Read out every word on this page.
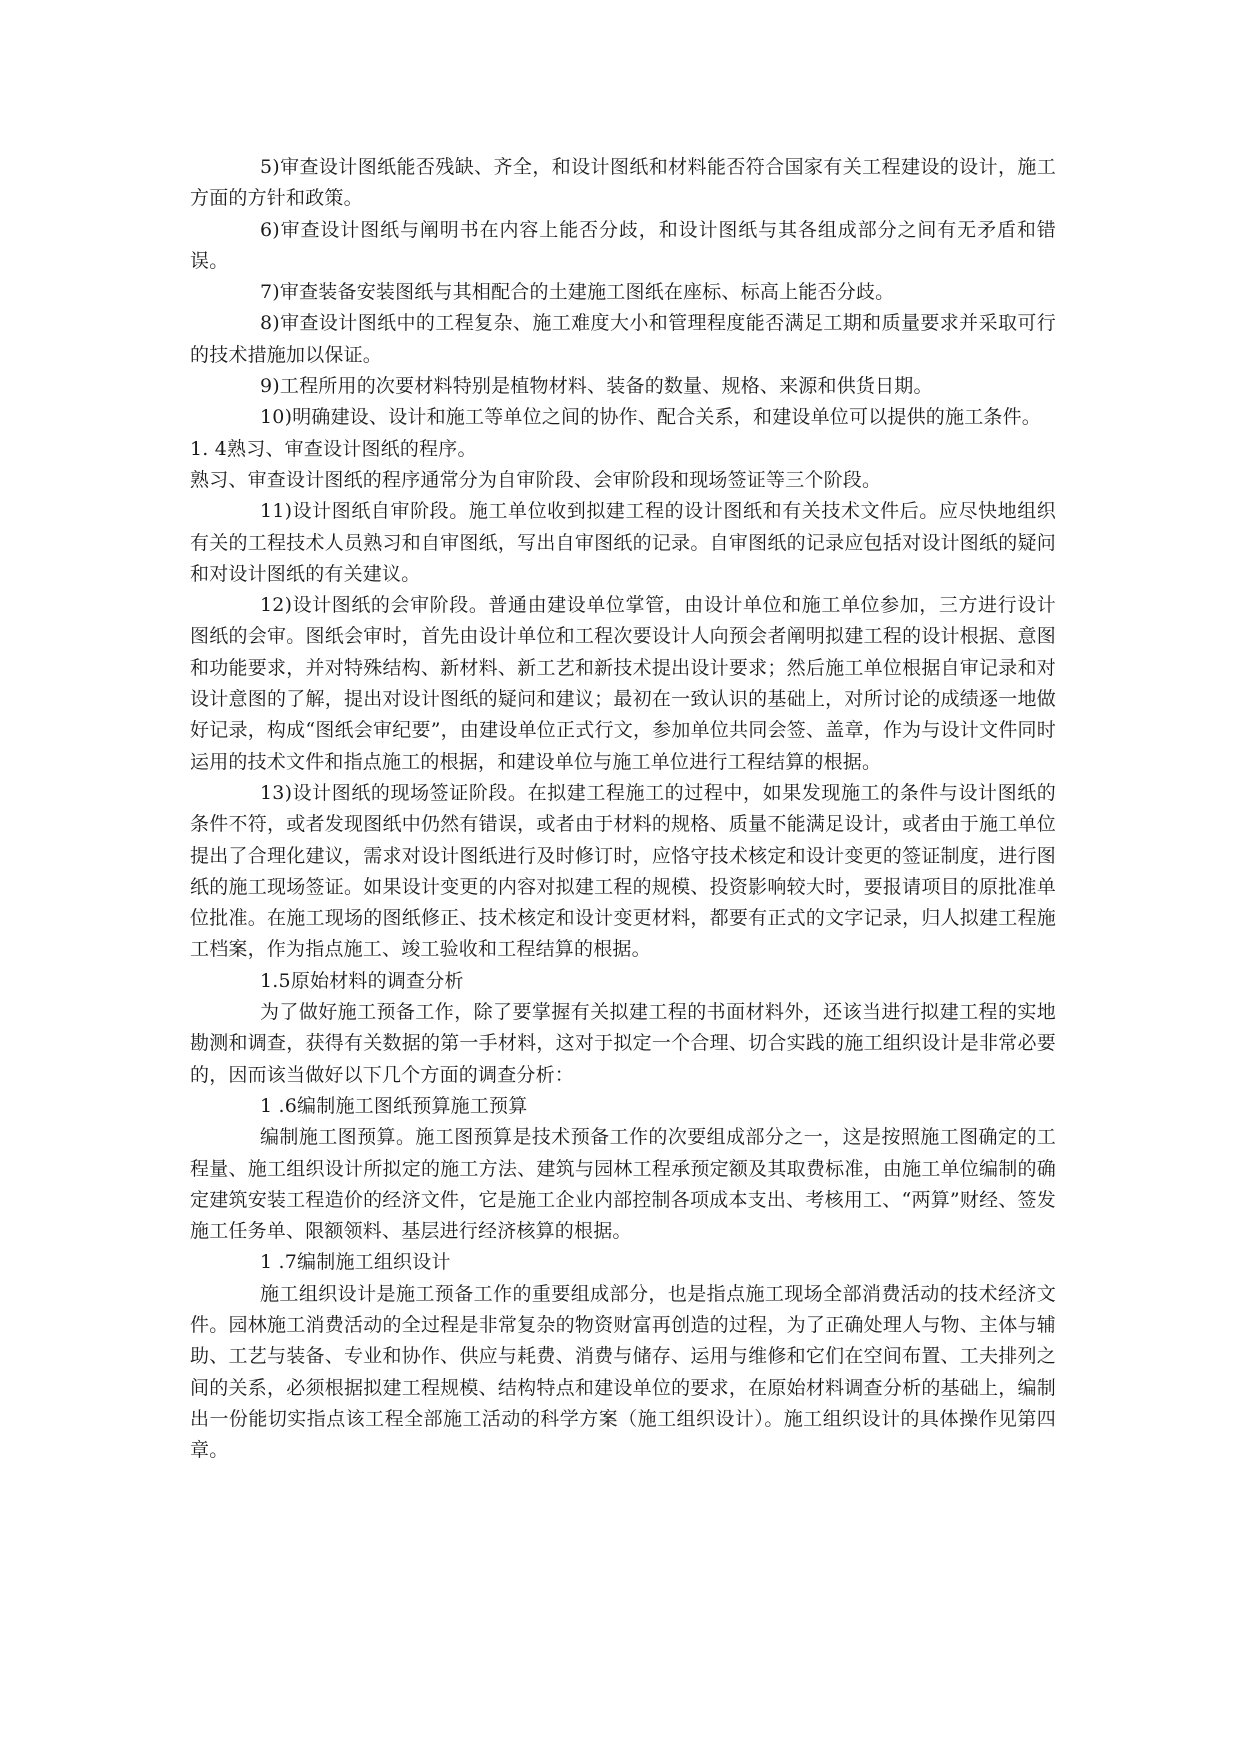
5)审查设计图纸能否残缺、齐全，和设计图纸和材料能否符合国家有关工程建设的设计，施工方面的方针和政策。

6)审查设计图纸与阐明书在内容上能否分歧，和设计图纸与其各组成部分之间有无矛盾和错误。

7)审查装备安装图纸与其相配合的土建施工图纸在座标、标高上能否分歧。

8)审查设计图纸中的工程复杂、施工难度大小和管理程度能否满足工期和质量要求并采取可行的技术措施加以保证。

9)工程所用的次要材料特别是植物材料、装备的数量、规格、来源和供货日期。

10)明确建设、设计和施工等单位之间的协作、配合关系，和建设单位可以提供的施工条件。

1. 4熟习、审查设计图纸的程序。

熟习、审查设计图纸的程序通常分为自审阶段、会审阶段和现场签证等三个阶段。

11)设计图纸自审阶段。施工单位收到拟建工程的设计图纸和有关技术文件后。应尽快地组织有关的工程技术人员熟习和自审图纸，写出自审图纸的记录。自审图纸的记录应包括对设计图纸的疑问和对设计图纸的有关建议。

12)设计图纸的会审阶段。普通由建设单位掌管，由设计单位和施工单位参加，三方进行设计图纸的会审。图纸会审时，首先由设计单位和工程次要设计人向预会者阐明拟建工程的设计根据、意图和功能要求，并对特殊结构、新材料、新工艺和新技术提出设计要求；然后施工单位根据自审记录和对设计意图的了解，提出对设计图纸的疑问和建议；最初在一致认识的基础上，对所讨论的成绩逐一地做好记录，构成“图纸会审纪要”，由建设单位正式行文，参加单位共同会签、盖章，作为与设计文件同时运用的技术文件和指点施工的根据，和建设单位与施工单位进行工程结算的根据。

13)设计图纸的现场签证阶段。在拟建工程施工的过程中，如果发现施工的条件与设计图纸的条件不符，或者发现图纸中仍然有错误，或者由于材料的规格、质量不能满足设计，或者由于施工单位提出了合理化建议，需求对设计图纸进行及时修订时，应恪守技术核定和设计变更的签证制度，进行图纸的施工现场签证。如果设计变更的内容对拟建工程的规模、投资影响较大时，要报请项目的原批准单位批准。在施工现场的图纸修正、技术核定和设计变更材料，都要有正式的文字记录，归人拟建工程施工档案，作为指点施工、竣工验收和工程结算的根据。

1.5原始材料的调查分析

为了做好施工预备工作，除了要掌握有关拟建工程的书面材料外，还该当进行拟建工程的实地勘测和调查，获得有关数据的第一手材料，这对于拟定一个合理、切合实践的施工组织设计是非常必要的，因而该当做好以下几个方面的调查分析：

1 .6编制施工图纸预算施工预算

编制施工图预算。施工图预算是技术预备工作的次要组成部分之一，这是按照施工图确定的工程量、施工组织设计所拟定的施工方法、建筑与园林工程承预定额及其取费标准，由施工单位编制的确定建筑安装工程造价的经济文件，它是施工企业内部控制各项成本支出、考核用工、“两算”财经、签发施工任务单、限额领料、基层进行经济核算的根据。

1 .7编制施工组织设计

施工组织设计是施工预备工作的重要组成部分，也是指点施工现场全部消费活动的技术经济文件。园林施工消费活动的全过程是非常复杂的物资财富再创造的过程，为了正确处理人与物、主体与辅助、工艺与装备、专业和协作、供应与耗费、消费与储存、运用与维修和它们在空间布置、工夫排列之间的关系，必须根据拟建工程规模、结构特点和建设单位的要求，在原始材料调查分析的基础上，编制出一份能切实指点该工程全部施工活动的科学方案（施工组织设计）。施工组织设计的具体操作见第四章。
